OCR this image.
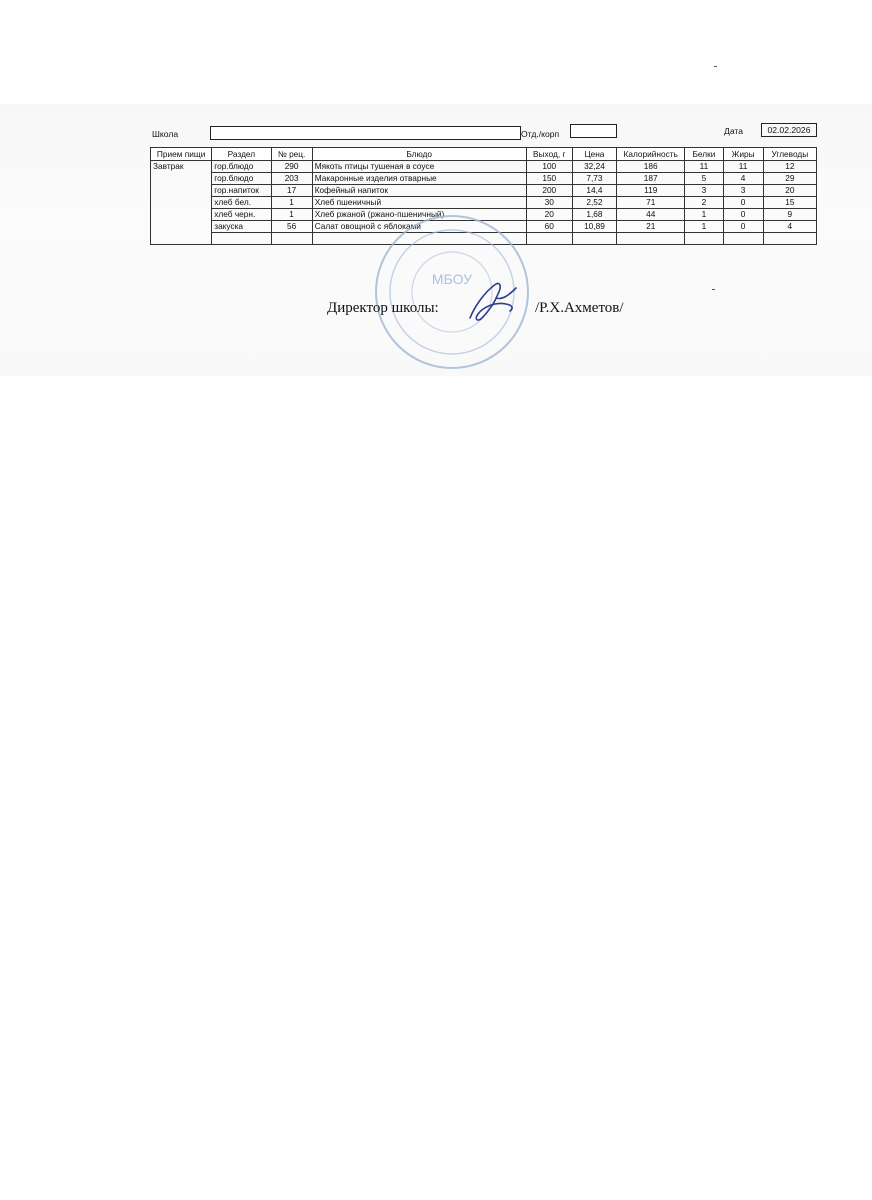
Школа	Отд./корп	Дата	02.02.2026
Прием пищи	Раздел	№ рец.	Блюдо	Выход, г	Цена	Калорийность	Белки	Жиры	Углеводы
Завтрак	гор.блюдо	290	Мякоть птицы тушеная в соусе	100	32,24	186	11	11	12
	гор.блюдо	203	Макаронные изделия отварные	150	7,73	187	5	4	29
	гор.напиток	17	Кофейный напиток	200	14,4	119	3	3	20
	хлеб бел.	1	Хлеб пшеничный	30	2,52	71	2	0	15
	хлеб черн.	1	Хлеб ржаной (ржано-пшеничный)	20	1,68	44	1	0	9
	закуска	56	Салат овощной с яблоками	60	10,89	21	1	0	4

МБОУ
Директор школы:	/Р.Х.Ахметов/
